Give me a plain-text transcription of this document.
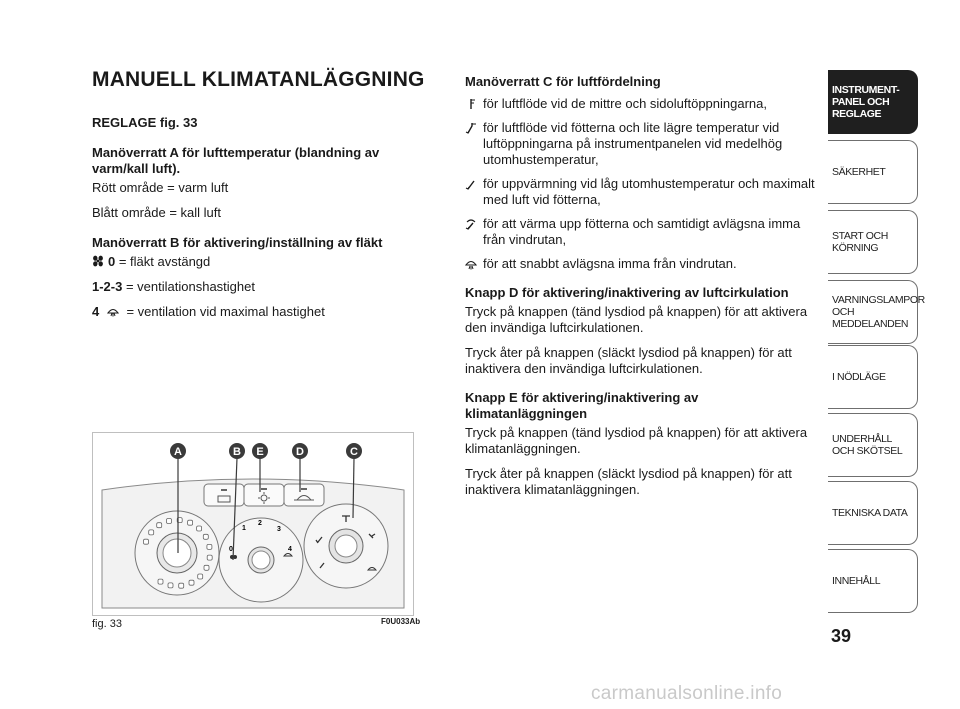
MANUELL KLIMATANLÄGGNING

REGLAGE fig. 33

Manöverratt A för lufttemperatur (blandning av varm/kall luft).

Rött område = varm luft

Blått område = kall luft

Manöverratt B för aktivering/inställning av fläkt

0 = fläkt avstängd

1-2-3 = ventilationshastighet

4  = ventilation vid maximal hastighet

Manöverratt C för luftfördelning

för luftflöde vid de mittre och sidoluftöppningarna,
för luftflöde vid fötterna och lite lägre temperatur vid luftöppningarna på instrumentpanelen vid medelhög utomhustemperatur,
för uppvärmning vid låg utomhustemperatur och maximalt med luft vid fötterna,
för att värma upp fötterna och samtidigt avlägsna imma från vindrutan,
för att snabbt avlägsna imma från vindrutan.

Knapp D för aktivering/inaktivering av luftcirkulation

Tryck på knappen (tänd lysdiod på knappen) för att aktivera den invändiga luftcirkulationen.

Tryck åter på knappen (släckt lysdiod på knappen) för att inaktivera den invändiga luftcirkulationen.

Knapp E för aktivering/inaktivering av klimatanläggningen

Tryck på knappen (tänd lysdiod på knappen) för att aktivera klimatanläggningen.

Tryck åter på knappen (släckt lysdiod på knappen) för att inaktivera klimatanläggningen.

0
1
2
3
4
A	B E	D	C
fig. 33	F0U033Ab
INSTRUMENT-PANEL OCH REGLAGE
SÄKERHET
START OCH KÖRNING
VARNINGSLAMPOR OCH MEDDELANDEN
I NÖDLÄGE
UNDERHÅLL OCH SKÖTSEL
TEKNISKA DATA
INNEHÅLL
39
carmanualsonline.info
